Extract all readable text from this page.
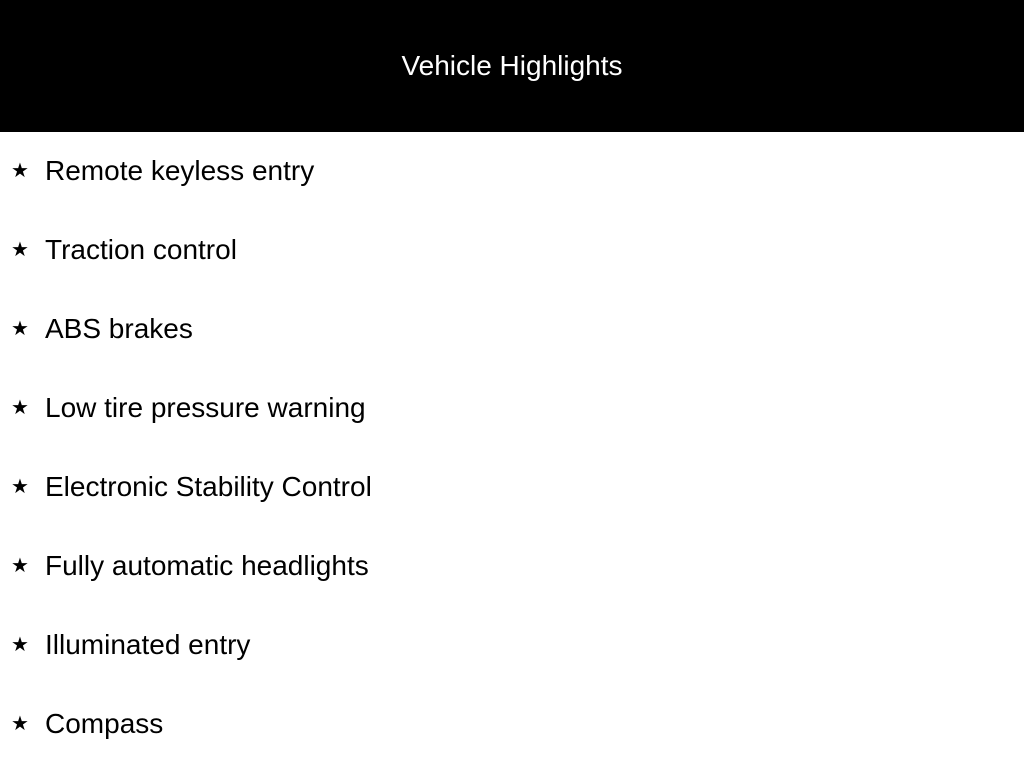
Vehicle Highlights
★ Remote keyless entry
★ Traction control
★ ABS brakes
★ Low tire pressure warning
★ Electronic Stability Control
★ Fully automatic headlights
★ Illuminated entry
★ Compass
